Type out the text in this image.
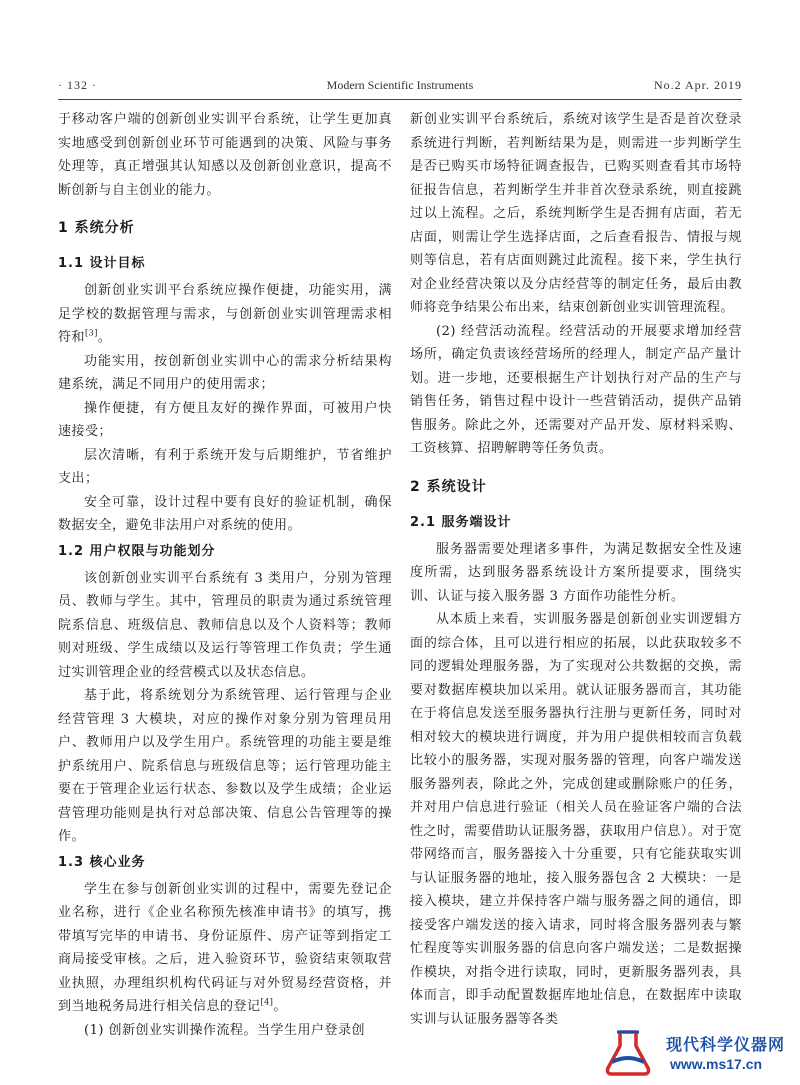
· 132 ·	Modern Scientific Instruments	No.2 Apr. 2019

于移动客户端的创新创业实训平台系统，让学生更加真实地感受到创新创业环节可能遇到的决策、风险与事务处理等，真正增强其认知感以及创新创业意识，提高不断创新与自主创业的能力。

1 系统分析
1.1 设计目标

创新创业实训平台系统应操作便捷，功能实用，满足学校的数据管理与需求，与创新创业实训管理需求相符和[3]。

功能实用，按创新创业实训中心的需求分析结果构建系统，满足不同用户的使用需求；

操作便捷，有方便且友好的操作界面，可被用户快速接受；

层次清晰，有利于系统开发与后期维护，节省维护支出；

安全可靠，设计过程中要有良好的验证机制，确保数据安全，避免非法用户对系统的使用。

1.2 用户权限与功能划分

该创新创业实训平台系统有 3 类用户，分别为管理员、教师与学生。其中，管理员的职责为通过系统管理院系信息、班级信息、教师信息以及个人资料等；教师则对班级、学生成绩以及运行等管理工作负责；学生通过实训管理企业的经营模式以及状态信息。

基于此，将系统划分为系统管理、运行管理与企业经营管理 3 大模块，对应的操作对象分别为管理员用户、教师用户以及学生用户。系统管理的功能主要是维护系统用户、院系信息与班级信息等；运行管理功能主要在于管理企业运行状态、参数以及学生成绩；企业运营管理功能则是执行对总部决策、信息公告管理等的操作。

1.3 核心业务

学生在参与创新创业实训的过程中，需要先登记企业名称，进行《企业名称预先核准申请书》的填写，携带填写完毕的申请书、身份证原件、房产证等到指定工商局接受审核。之后，进入验资环节，验资结束领取营业执照，办理组织机构代码证与对外贸易经营资格，并到当地税务局进行相关信息的登记[4]。

(1) 创新创业实训操作流程。当学生用户登录创

新创业实训平台系统后，系统对该学生是否是首次登录系统进行判断，若判断结果为是，则需进一步判断学生是否已购买市场特征调查报告，已购买则查看其市场特征报告信息，若判断学生并非首次登录系统，则直接跳过以上流程。之后，系统判断学生是否拥有店面，若无店面，则需让学生选择店面，之后查看报告、情报与规则等信息，若有店面则跳过此流程。接下来，学生执行对企业经营决策以及分店经营等的制定任务，最后由教师将竞争结果公布出来，结束创新创业实训管理流程。

(2) 经营活动流程。经营活动的开展要求增加经营场所，确定负责该经营场所的经理人，制定产品产量计划。进一步地，还要根据生产计划执行对产品的生产与销售任务，销售过程中设计一些营销活动，提供产品销售服务。除此之外，还需要对产品开发、原材料采购、工资核算、招聘解聘等任务负责。

2 系统设计
2.1 服务端设计

服务器需要处理诸多事件，为满足数据安全性及速度所需，达到服务器系统设计方案所提要求，围绕实训、认证与接入服务器 3 方面作功能性分析。

从本质上来看，实训服务器是创新创业实训逻辑方面的综合体，且可以进行相应的拓展，以此获取较多不同的逻辑处理服务器，为了实现对公共数据的交换，需要对数据库模块加以采用。就认证服务器而言，其功能在于将信息发送至服务器执行注册与更新任务，同时对相对较大的模块进行调度，并为用户提供相较而言负载比较小的服务器，实现对服务器的管理，向客户端发送服务器列表，除此之外，完成创建或删除账户的任务，并对用户信息进行验证（相关人员在验证客户端的合法性之时，需要借助认证服务器，获取用户信息）。对于宽带网络而言，服务器接入十分重要，只有它能获取实训与认证服务器的地址，接入服务器包含 2 大模块：一是接入模块，建立并保持客户端与服务器之间的通信，即接受客户端发送的接入请求，同时将含服务器列表与繁忙程度等实训服务器的信息向客户端发送；二是数据操作模块，对指令进行读取，同时，更新服务器列表，具体而言，即手动配置数据库地址信息，在数据库中读取实训与认证服务器等各类

现代科学仪器网
www.ms17.cn
